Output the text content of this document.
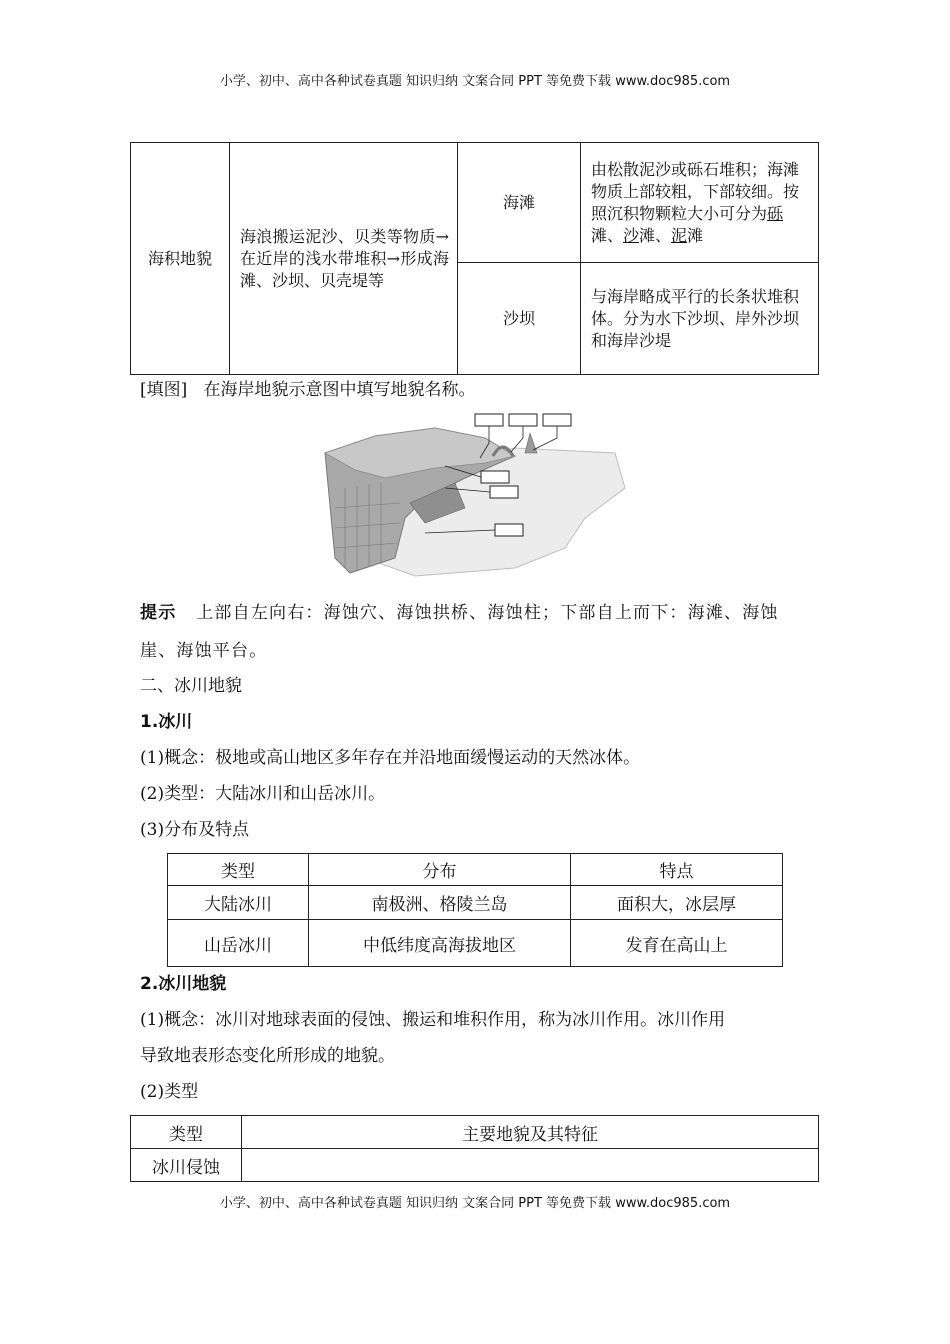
小学、初中、高中各种试卷真题 知识归纳 文案合同 PPT 等免费下载 www.doc985.com
海积地貌	海浪搬运泥沙、贝类等物质→在近岸的浅水带堆积→形成海滩、沙坝、贝壳堤等	海滩	由松散泥沙或砾石堆积；海滩物质上部较粗，下部较细。按照沉积物颗粒大小可分为砾滩、沙滩、泥滩
		沙坝	与海岸略成平行的长条状堆积体。分为水下沙坝、岸外沙坝和海岸沙堤
[填图] 在海岸地貌示意图中填写地貌名称。
提示 上部自左向右：海蚀穴、海蚀拱桥、海蚀柱；下部自上而下：海滩、海蚀崖、海蚀平台。
二、冰川地貌
1.冰川
(1)概念：极地或高山地区多年存在并沿地面缓慢运动的天然冰体。
(2)类型：大陆冰川和山岳冰川。
(3)分布及特点
类型	分布	特点
大陆冰川	南极洲、格陵兰岛	面积大，冰层厚
山岳冰川	中低纬度高海拔地区	发育在高山上
2.冰川地貌
(1)概念：冰川对地球表面的侵蚀、搬运和堆积作用，称为冰川作用。冰川作用
导致地表形态变化所形成的地貌。
(2)类型
类型	主要地貌及其特征
冰川侵蚀	
小学、初中、高中各种试卷真题 知识归纳 文案合同 PPT 等免费下载 www.doc985.com
